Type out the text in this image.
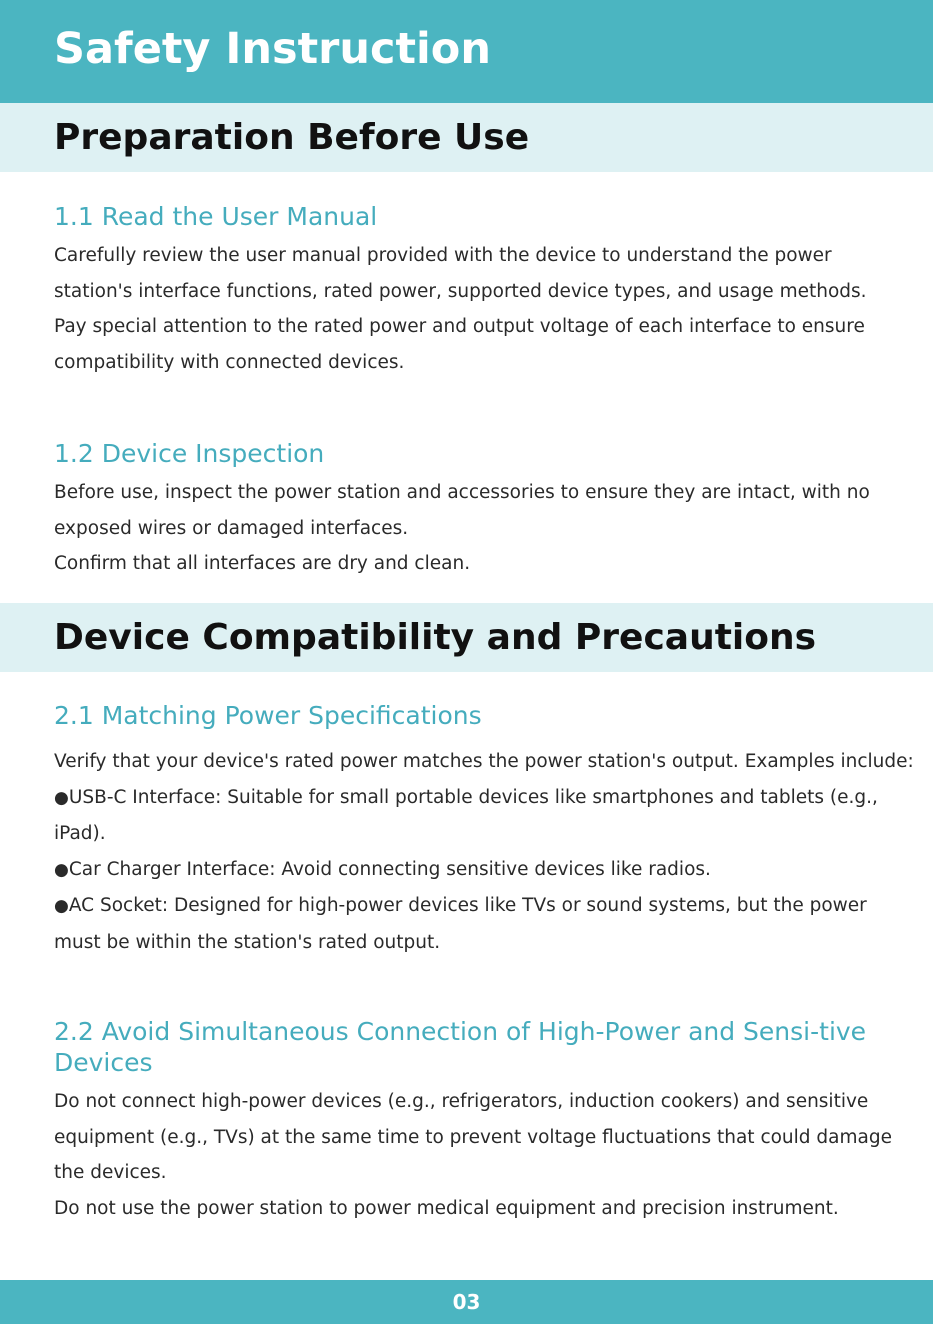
Safety Instruction
Preparation Before Use
1.1 Read the User Manual

Carefully review the user manual provided with the device to understand the power station's interface functions, rated power, supported device types, and usage methods.

Pay special attention to the rated power and output voltage of each interface to ensure compatibility with connected devices.

1.2 Device Inspection

Before use, inspect the power station and accessories to ensure they are intact, with no exposed wires or damaged interfaces.

Confirm that all interfaces are dry and clean.

Device Compatibility and Precautions
2.1 Matching Power Specifications

Verify that your device's rated power matches the power station's output. Examples include:

● USB-C Interface: Suitable for small portable devices like smartphones and tablets (e.g., iPad).

● Car Charger Interface: Avoid connecting sensitive devices like radios.

● AC Socket: Designed for high-power devices like TVs or sound systems, but the power must be within the station's rated output.

2.2 Avoid Simultaneous Connection of High-Power and Sensi-tive Devices

Do not connect high-power devices (e.g., refrigerators, induction cookers) and sensitive equipment (e.g., TVs) at the same time to prevent voltage fluctuations that could damage the devices.

Do not use the power station to power medical equipment and precision instrument.

03
